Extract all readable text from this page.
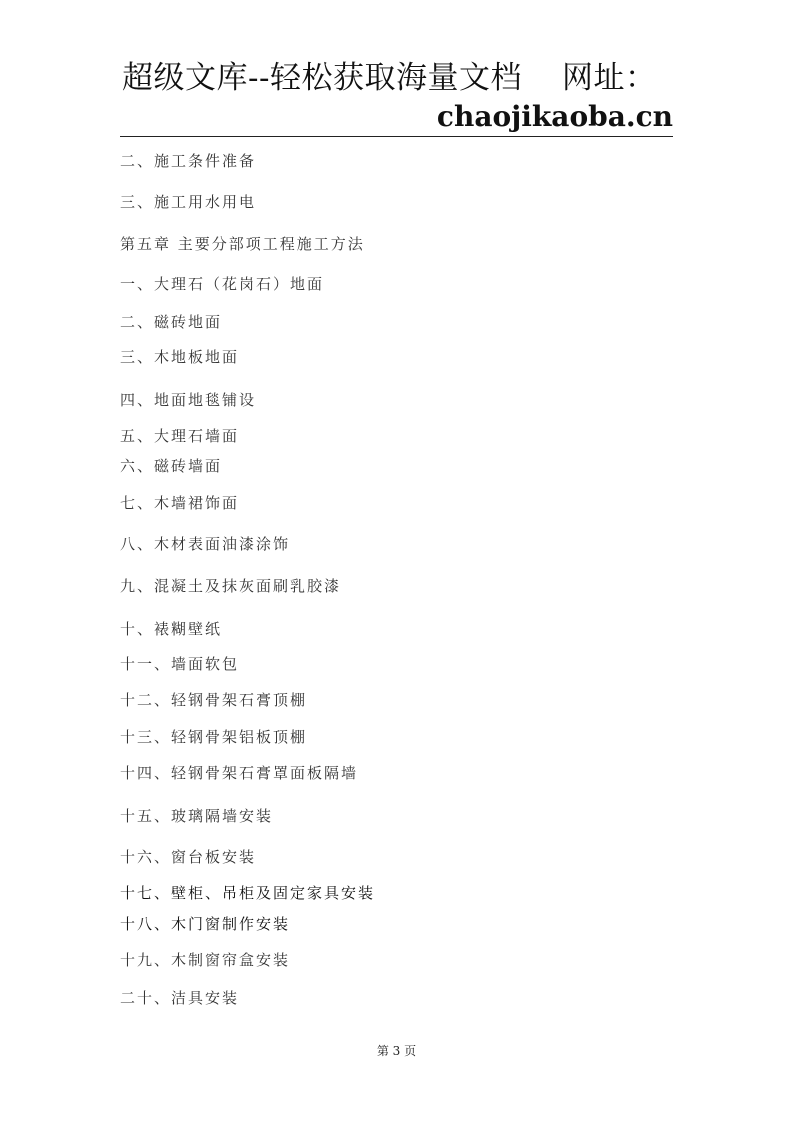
超级文库--轻松获取海量文档 网址：
chaojikaoba.cn
二、施工条件准备
三、施工用水用电
第五章 主要分部项工程施工方法
一、大理石（花岗石）地面
二、磁砖地面
三、木地板地面
四、地面地毯铺设
五、大理石墙面
六、磁砖墙面
七、木墙裙饰面
八、木材表面油漆涂饰
九、混凝土及抹灰面刷乳胶漆
十、裱糊壁纸
十一、墙面软包
十二、轻钢骨架石膏顶棚
十三、轻钢骨架铝板顶棚
十四、轻钢骨架石膏罩面板隔墙
十五、玻璃隔墙安装
十六、窗台板安装
十七、壁柜、吊柜及固定家具安装
十八、木门窗制作安装
十九、木制窗帘盒安装
二十、洁具安装
第 3 页
